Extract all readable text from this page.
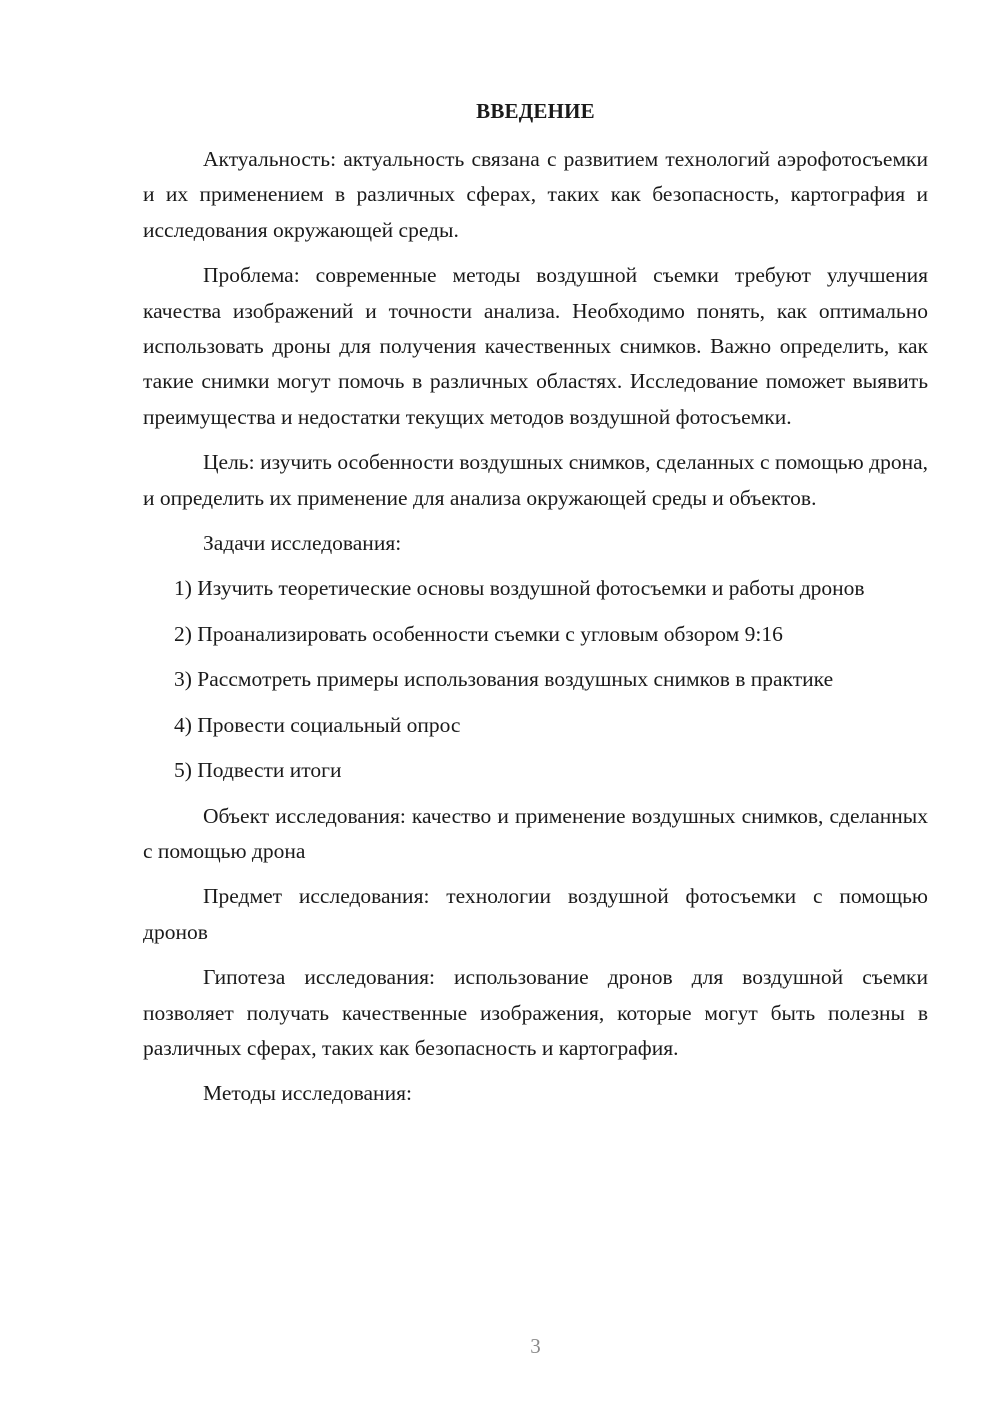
ВВЕДЕНИЕ

Актуальность: актуальность связана с развитием технологий аэрофотосъемки и их применением в различных сферах, таких как безопасность, картография и исследования окружающей среды.

Проблема: современные методы воздушной съемки требуют улучшения качества изображений и точности анализа. Необходимо понять, как оптимально использовать дроны для получения качественных снимков. Важно определить, как такие снимки могут помочь в различных областях. Исследование поможет выявить преимущества и недостатки текущих методов воздушной фотосъемки.

Цель: изучить особенности воздушных снимков, сделанных с помощью дрона, и определить их применение для анализа окружающей среды и объектов.

Задачи исследования:

1) Изучить теоретические основы воздушной фотосъемки и работы дронов

2) Проанализировать особенности съемки с угловым обзором 9:16

3) Рассмотреть примеры использования воздушных снимков в практике

4) Провести социальный опрос

5) Подвести итоги

Объект исследования: качество и применение воздушных снимков, сделанных с помощью дрона

Предмет исследования: технологии воздушной фотосъемки с помощью дронов

Гипотеза исследования: использование дронов для воздушной съемки позволяет получать качественные изображения, которые могут быть полезны в различных сферах, таких как безопасность и картография.

Методы исследования:

3
